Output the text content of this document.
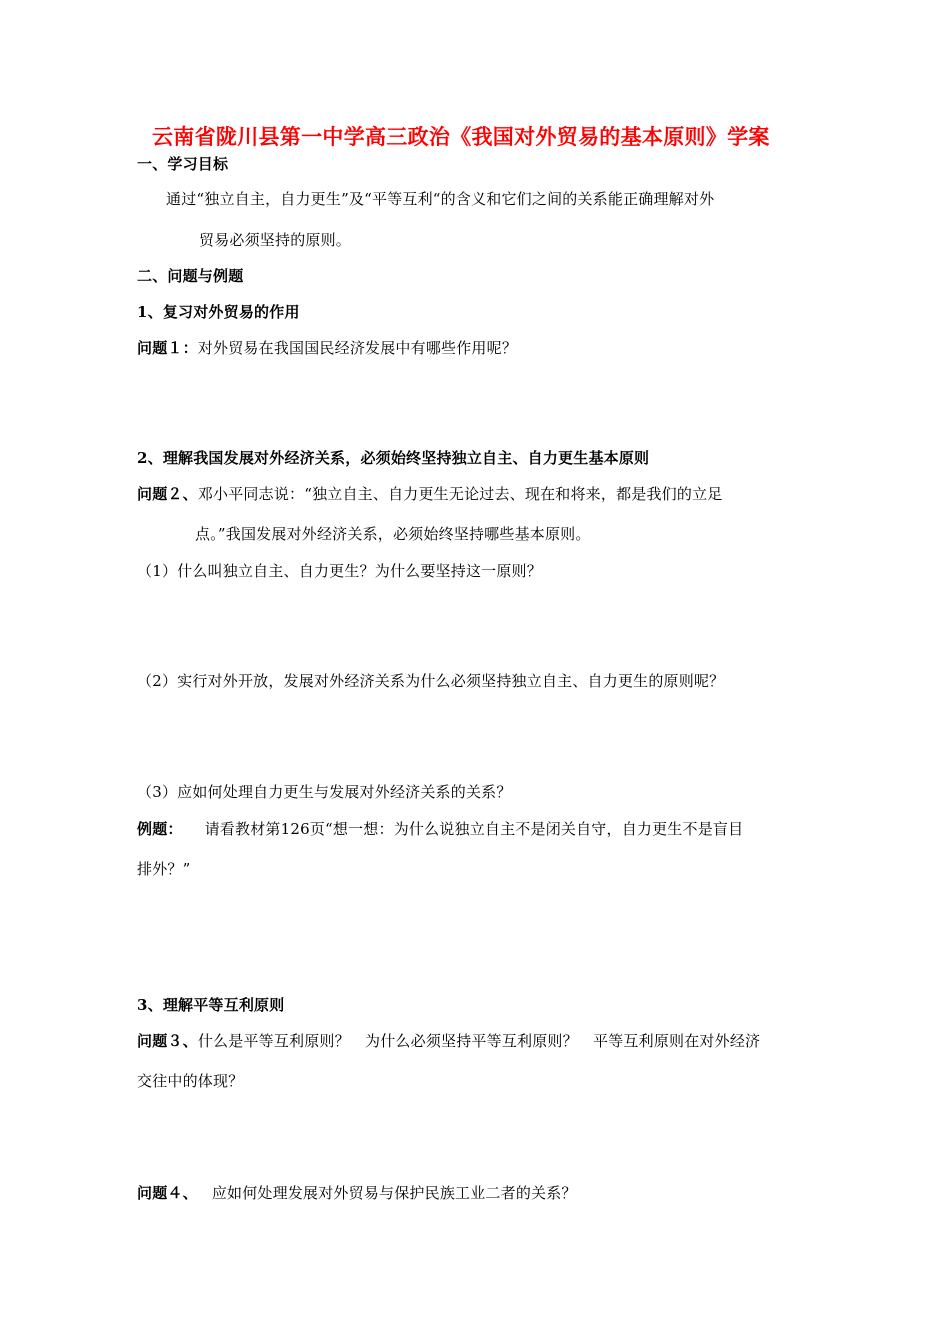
云南省陇川县第一中学高三政治《我国对外贸易的基本原则》学案
一、学习目标
通过“独立自主，自力更生”及“平等互利“的含义和它们之间的关系能正确理解对外
贸易必须坚持的原则。
二、问题与例题
1、复习对外贸易的作用
问题１：对外贸易在我国国民经济发展中有哪些作用呢？
2、理解我国发展对外经济关系，必须始终坚持独立自主、自力更生基本原则
问题２、邓小平同志说：“独立自主、自力更生无论过去、现在和将来，都是我们的立足
点。”我国发展对外经济关系，必须始终坚持哪些基本原则。
（1）什么叫独立自主、自力更生？为什么要坚持这一原则？
（2）实行对外开放，发展对外经济关系为什么必须坚持独立自主、自力更生的原则呢？
（3）应如何处理自力更生与发展对外经济关系的关系？
例题： 请看教材第126页“想一想：为什么说独立自主不是闭关自守，自力更生不是盲目
排外？”
3、理解平等互利原则
问题３、什么是平等互利原则？　为什么必须坚持平等互利原则？　平等互利原则在对外经济
交往中的体现？
问题４、 应如何处理发展对外贸易与保护民族工业二者的关系？
